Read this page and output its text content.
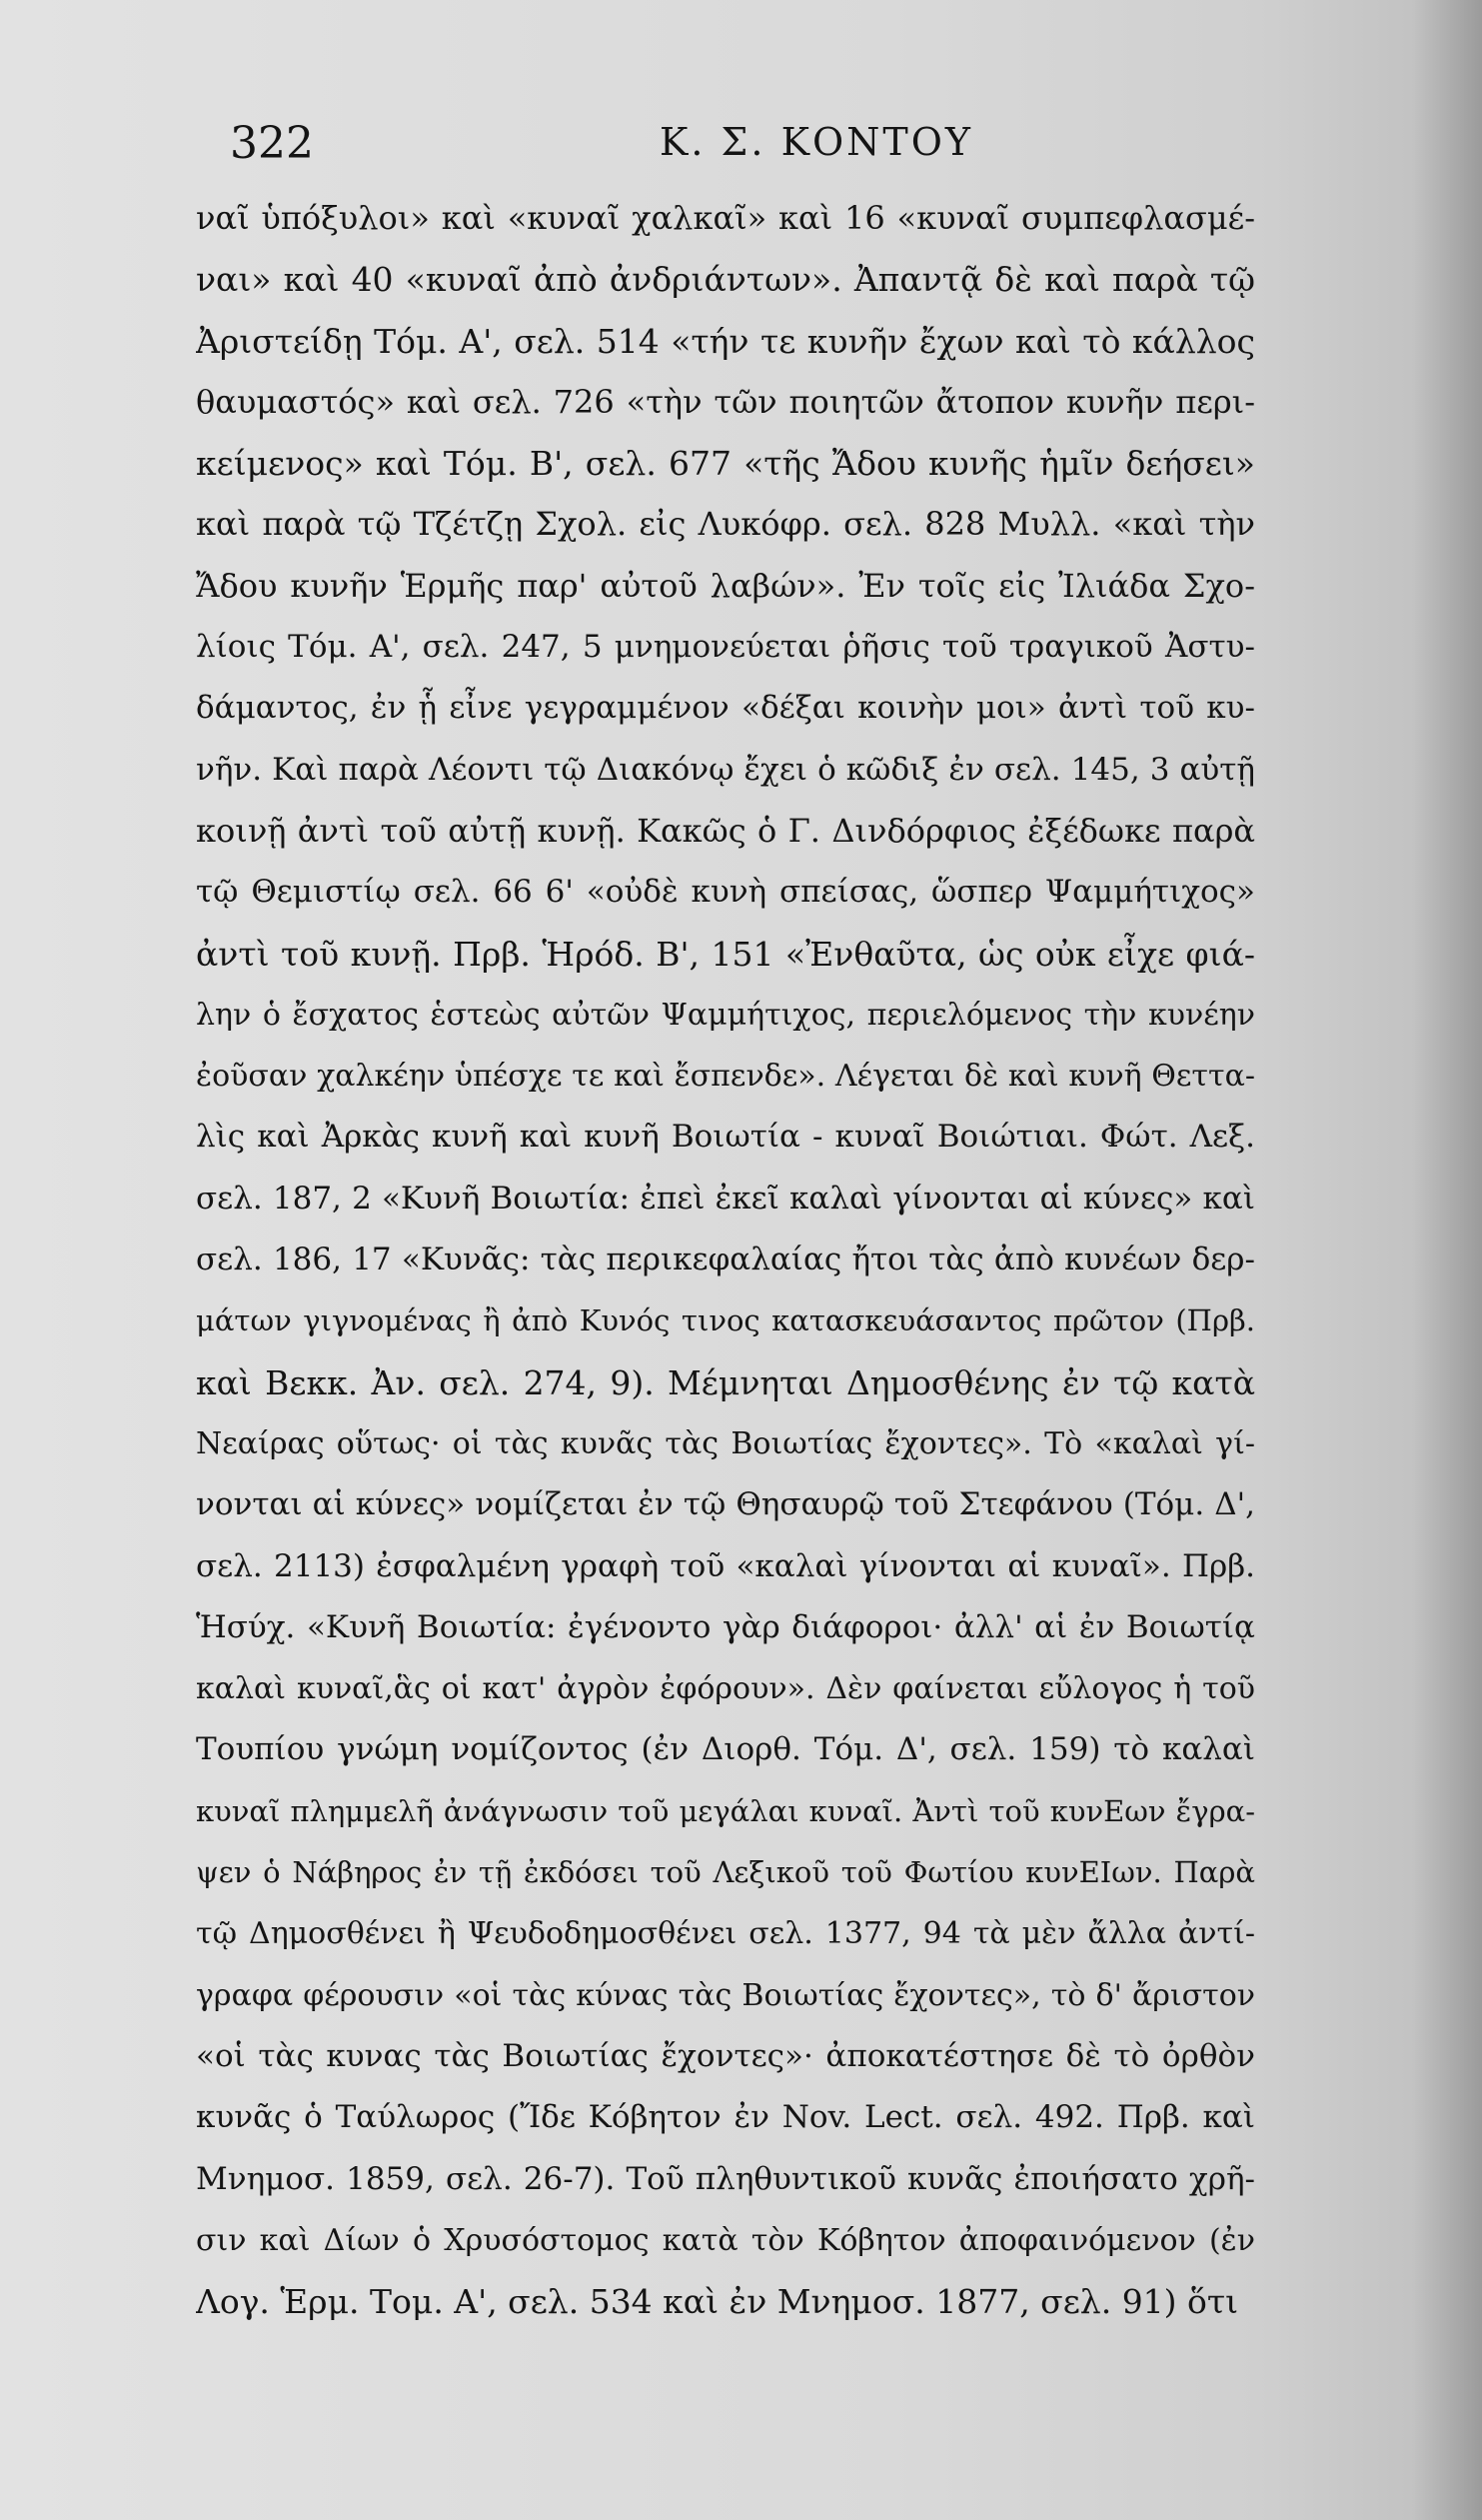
322	Κ. Σ. ΚΟΝΤΟΥ
ναῖ ὑπόξυλοι» καὶ «κυναῖ χαλκαῖ» καὶ 16 «κυναῖ συμπεφλασμέ-
ναι» καὶ 40 «κυναῖ ἀπὸ ἀνδριάντων». Ἀπαντᾷ δὲ καὶ παρὰ τῷ
Ἀριστείδῃ Τόμ. Α', σελ. 514 «τήν τε κυνῆν ἔχων καὶ τὸ κάλλος
θαυμαστός» καὶ σελ. 726 «τὴν τῶν ποιητῶν ἄτοπον κυνῆν περι-
κείμενος» καὶ Τόμ. Β', σελ. 677 «τῆς Ἄδου κυνῆς ἡμῖν δεήσει»
καὶ παρὰ τῷ Τζέτζῃ Σχολ. εἰς Λυκόφρ. σελ. 828 Μυλλ. «καὶ τὴν
Ἄδου κυνῆν Ἑρμῆς παρ' αὐτοῦ λαβών». Ἐν τοῖς εἰς Ἰλιάδα Σχο-
λίοις Τόμ. Α', σελ. 247, 5 μνημονεύεται ῥῆσις τοῦ τραγικοῦ Ἀστυ-
δάμαντος, ἐν ᾗ εἶνε γεγραμμένον «δέξαι κοινὴν μοι» ἀντὶ τοῦ κυ-
νῆν. Καὶ παρὰ Λέοντι τῷ Διακόνῳ ἔχει ὁ κῶδιξ ἐν σελ. 145, 3 αὐτῇ
κοινῇ ἀντὶ τοῦ αὐτῇ κυνῇ. Κακῶς ὁ Γ. Δινδόρφιος ἐξέδωκε παρὰ
τῷ Θεμιστίῳ σελ. 66 6' «οὐδὲ κυνὴ σπείσας, ὥσπερ Ψαμμήτιχος»
ἀντὶ τοῦ κυνῇ. Πρβ. Ἡρόδ. Β', 151 «Ἐνθαῦτα, ὡς οὐκ εἶχε φιά-
λην ὁ ἔσχατος ἑστεὼς αὐτῶν Ψαμμήτιχος, περιελόμενος τὴν κυνέην
ἐοῦσαν χαλκέην ὑπέσχε τε καὶ ἔσπενδε». Λέγεται δὲ καὶ κυνῆ Θεττα-
λὶς καὶ Ἀρκὰς κυνῆ καὶ κυνῆ Βοιωτία - κυναῖ Βοιώτιαι. Φώτ. Λεξ.
σελ. 187, 2 «Κυνῆ Βοιωτία: ἐπεὶ ἐκεῖ καλαὶ γίνονται αἱ κύνες» καὶ
σελ. 186, 17 «Κυνᾶς: τὰς περικεφαλαίας ἤτοι τὰς ἀπὸ κυνέων δερ-
μάτων γιγνομένας ἢ ἀπὸ Κυνός τινος κατασκευάσαντος πρῶτον (Πρβ.
καὶ Βεκκ. Ἀν. σελ. 274, 9). Μέμνηται Δημοσθένης ἐν τῷ κατὰ
Νεαίρας οὕτως· οἱ τὰς κυνᾶς τὰς Βοιωτίας ἔχοντες». Τὸ «καλαὶ γί-
νονται αἱ κύνες» νομίζεται ἐν τῷ Θησαυρῷ τοῦ Στεφάνου (Τόμ. Δ',
σελ. 2113) ἐσφαλμένη γραφὴ τοῦ «καλαὶ γίνονται αἱ κυναῖ». Πρβ.
Ἡσύχ. «Κυνῆ Βοιωτία: ἐγένοντο γὰρ διάφοροι· ἀλλ' αἱ ἐν Βοιωτίᾳ
καλαὶ κυναῖ,ἃς οἱ κατ' ἀγρὸν ἐφόρουν». Δὲν φαίνεται εὔλογος ἡ τοῦ
Τουπίου γνώμη νομίζοντος (ἐν Διορθ. Τόμ. Δ', σελ. 159) τὸ καλαὶ
κυναῖ πλημμελῆ ἀνάγνωσιν τοῦ μεγάλαι κυναῖ. Ἀντὶ τοῦ κυνΕων ἔγρα-
ψεν ὁ Νάβηρος ἐν τῇ ἐκδόσει τοῦ Λεξικοῦ τοῦ Φωτίου κυνΕΙων. Παρὰ
τῷ Δημοσθένει ἢ Ψευδοδημοσθένει σελ. 1377, 94 τὰ μὲν ἄλλα ἀντί-
γραφα φέρουσιν «οἱ τὰς κύνας τὰς Βοιωτίας ἔχοντες», τὸ δ' ἄριστον
«οἱ τὰς κυνας τὰς Βοιωτίας ἔχοντες»· ἀποκατέστησε δὲ τὸ ὀρθὸν
κυνᾶς ὁ Ταύλωρος (Ἴδε Κόβητον ἐν Nov. Lect. σελ. 492. Πρβ. καὶ
Μνημοσ. 1859, σελ. 26-7). Τοῦ πληθυντικοῦ κυνᾶς ἐποιήσατο χρῆ-
σιν καὶ Δίων ὁ Χρυσόστομος κατὰ τὸν Κόβητον ἀποφαινόμενον (ἐν
Λογ. Ἑρμ. Τομ. Α', σελ. 534 καὶ ἐν Μνημοσ. 1877, σελ. 91) ὅτι
